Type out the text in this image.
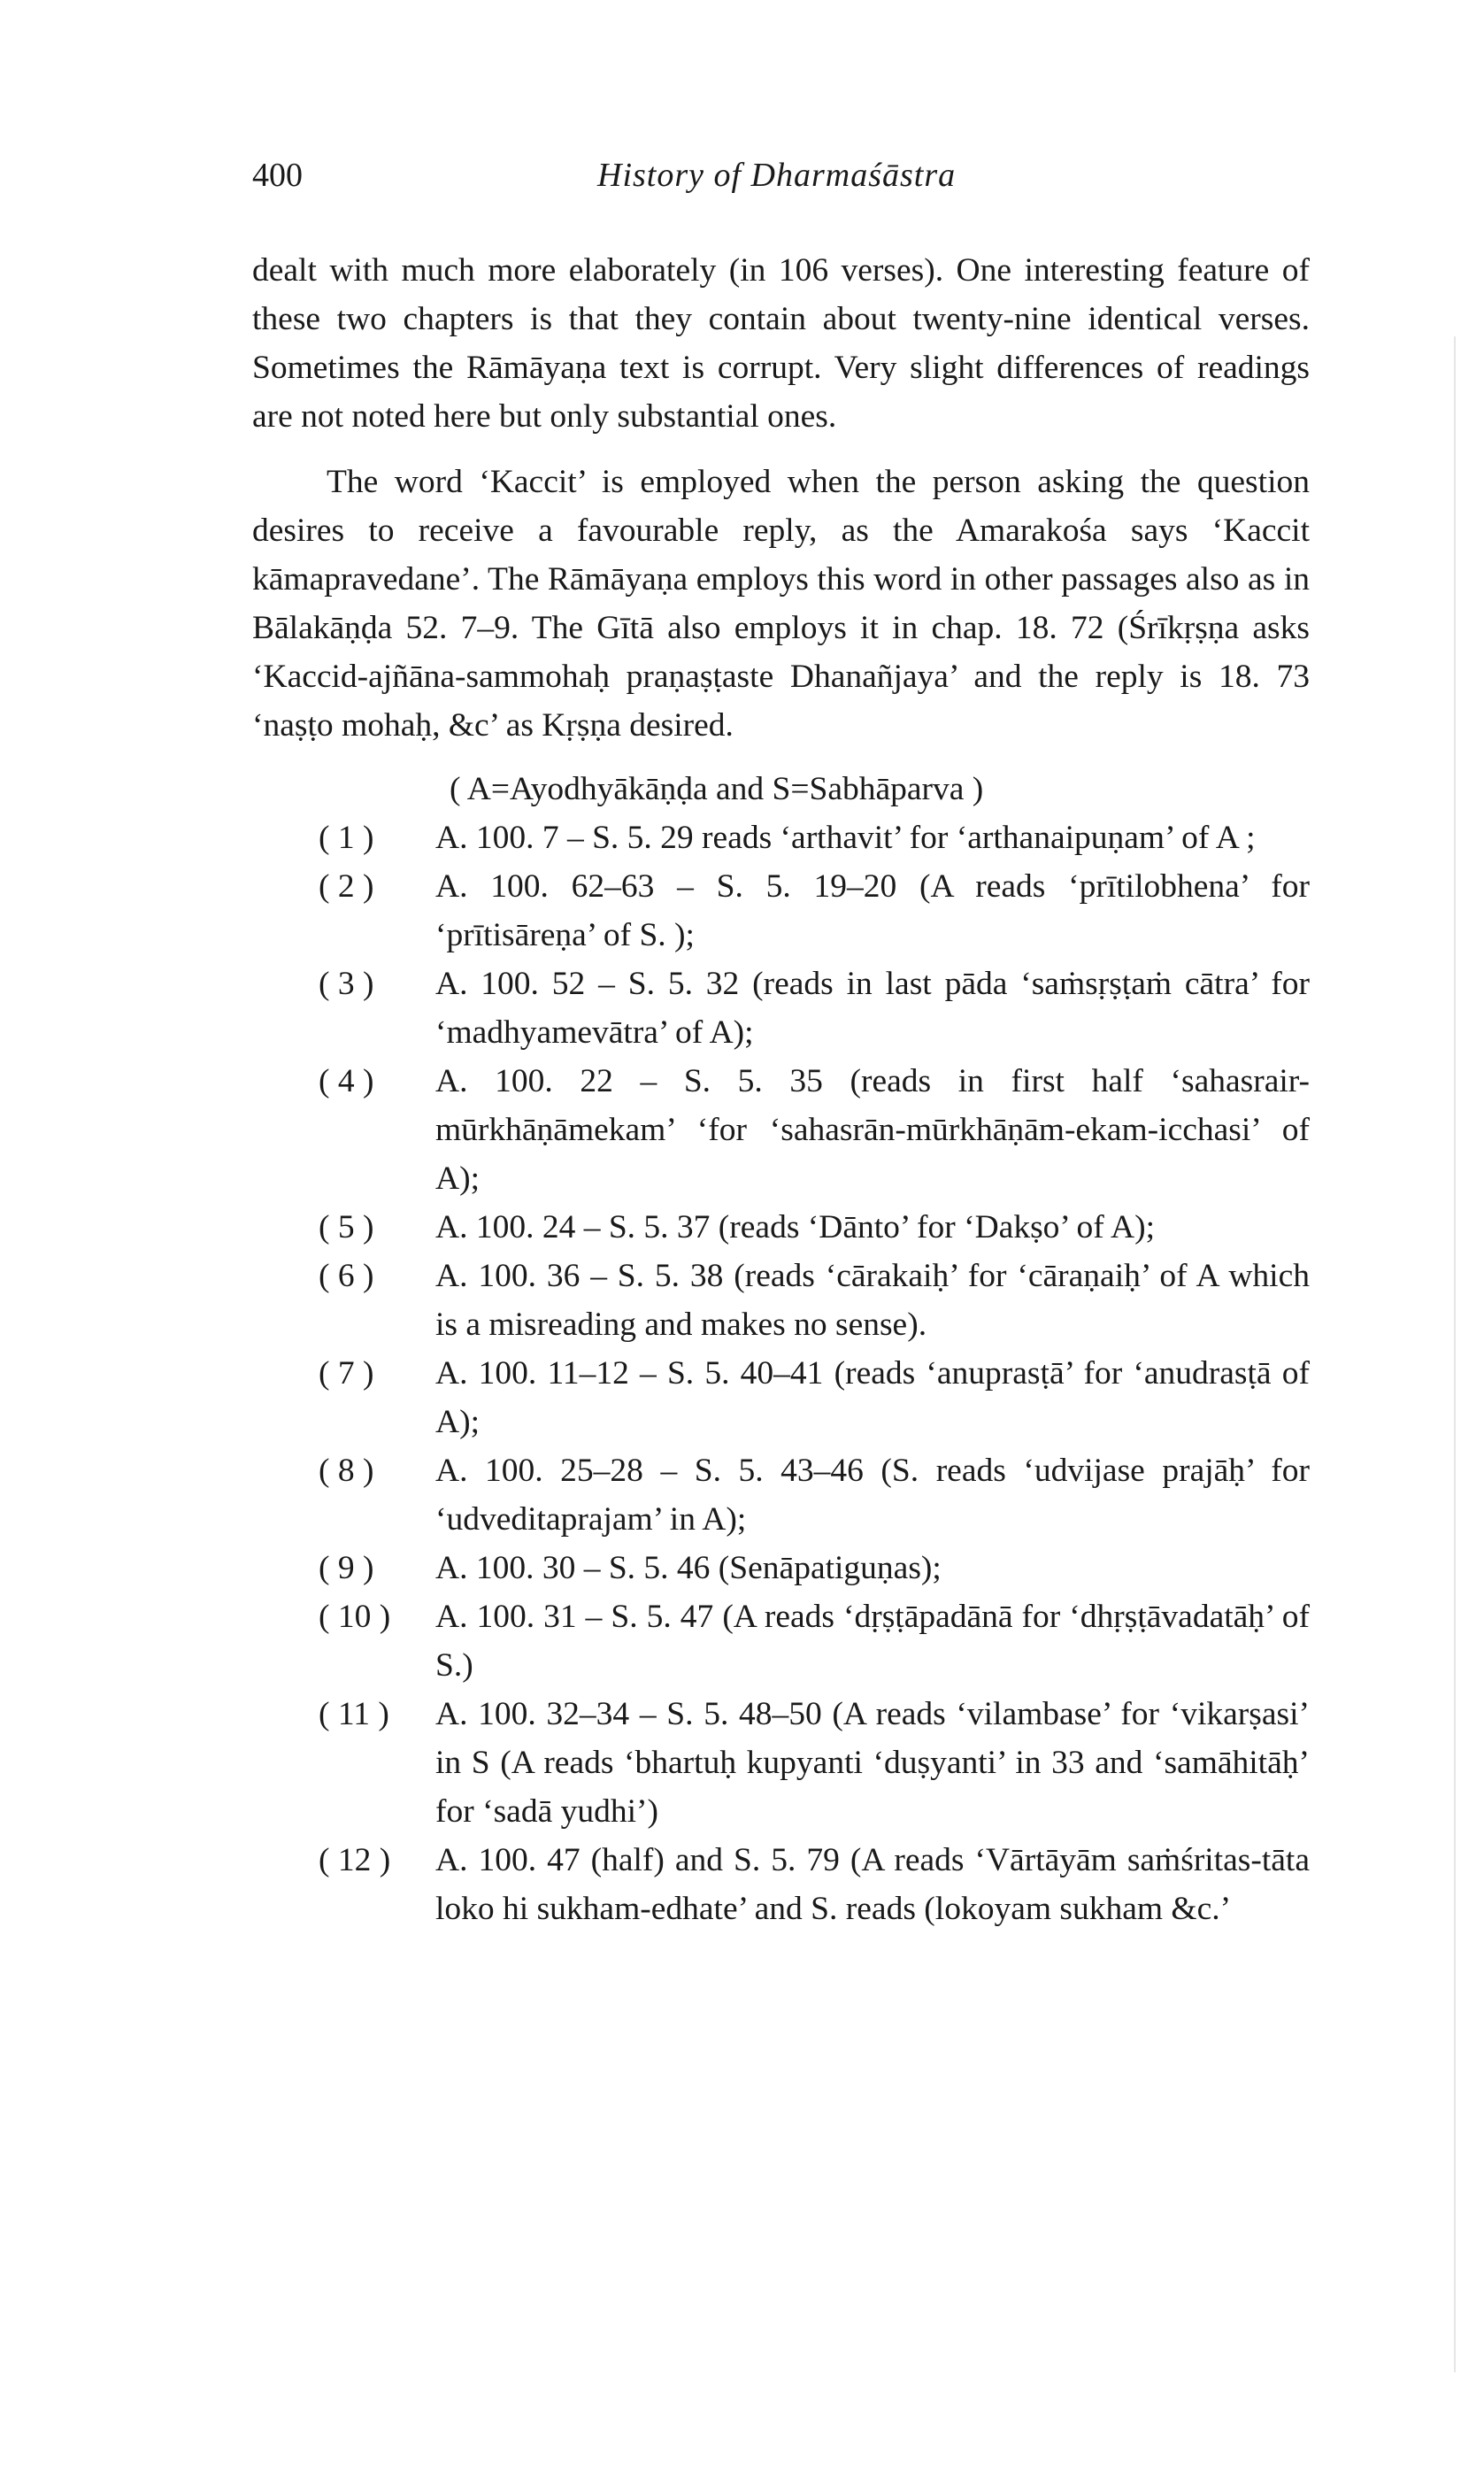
400	History of Dharmaśāstra

dealt with much more elaborately (in 106 verses). One interesting feature of these two chapters is that they contain about twenty-nine identical verses. Sometimes the Rāmāyaṇa text is corrupt. Very slight differences of readings are not noted here but only substantial ones.

The word ‘Kaccit’ is employed when the person asking the question desires to receive a favourable reply, as the Amarakośa says ‘Kaccit kāmapravedane’. The Rāmāyaṇa employs this word in other passages also as in Bālakāṇḍa 52. 7–9. The Gītā also employs it in chap. 18. 72 (Śrīkṛṣṇa asks ‘Kaccid-ajñāna-sammohaḥ praṇaṣṭaste Dhanañjaya’ and the reply is 18. 73 ‘naṣṭo mohaḥ, &c’ as Kṛṣṇa desired.

( A=Ayodhyākāṇḍa and S=Sabhāparva )

( 1 )	A. 100. 7 – S. 5. 29 reads ‘arthavit’ for ‘arthanaipuṇam’ of A ;
( 2 )	A. 100. 62–63 – S. 5. 19–20 (A reads ‘prītilobhena’ for ‘prītisāreṇa’ of S. );
( 3 )	A. 100. 52 – S. 5. 32 (reads in last pāda ‘saṁsṛṣṭaṁ cātra’ for ‘madhyamevātra’ of A);
( 4 )	A. 100. 22 – S. 5. 35 (reads in first half ‘sahasrair-mūrkhāṇāmekam’ ‘for ‘sahasrān-mūrkhāṇām-ekam-icchasi’ of A);
( 5 )	A. 100. 24 – S. 5. 37 (reads ‘Dānto’ for ‘Dakṣo’ of A);
( 6 )	A. 100. 36 – S. 5. 38 (reads ‘cārakaiḥ’ for ‘cāraṇaiḥ’ of A which is a misreading and makes no sense).
( 7 )	A. 100. 11–12 – S. 5. 40–41 (reads ‘anuprasṭā’ for ‘anudrasṭā of A);
( 8 )	A. 100. 25–28 – S. 5. 43–46 (S. reads ‘udvijase prajāḥ’ for ‘udveditaprajam’ in A);
( 9 )	A. 100. 30 – S. 5. 46 (Senāpatiguṇas);
( 10 )	A. 100. 31 – S. 5. 47 (A reads ‘dṛṣṭāpadānā for ‘dhṛṣṭāvadatāḥ’ of S.)
( 11 )	A. 100. 32–34 – S. 5. 48–50 (A reads ‘vilambase’ for ‘vikarṣasi’ in S (A reads ‘bhartuḥ kupyanti ‘duṣyanti’ in 33 and ‘samāhitāḥ’ for ‘sadā yudhi’)
( 12 )	A. 100. 47 (half) and S. 5. 79 (A reads ‘Vārtāyām saṁśritas-tāta loko hi sukham-edhate’ and S. reads (lokoyam sukham &c.’
